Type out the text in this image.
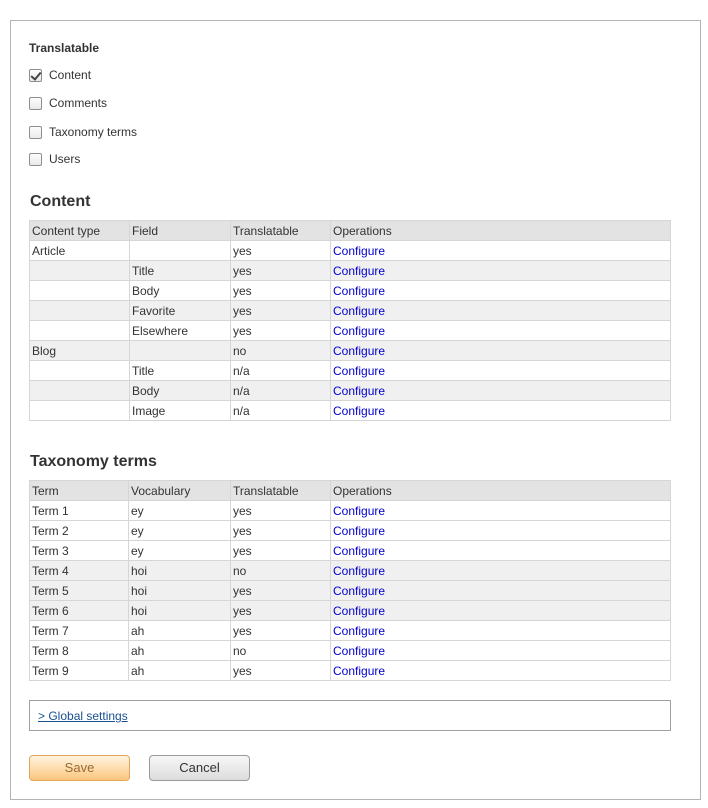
Translatable
Content
Comments
Taxonomy terms
Users
Content
Content type	Field	Translatable	Operations
Article		yes	Configure
	Title	yes	Configure
	Body	yes	Configure
	Favorite	yes	Configure
	Elsewhere	yes	Configure
Blog		no	Configure
	Title	n/a	Configure
	Body	n/a	Configure
	Image	n/a	Configure
Taxonomy terms
Term	Vocabulary	Translatable	Operations
Term 1	ey	yes	Configure
Term 2	ey	yes	Configure
Term 3	ey	yes	Configure
Term 4	hoi	no	Configure
Term 5	hoi	yes	Configure
Term 6	hoi	yes	Configure
Term 7	ah	yes	Configure
Term 8	ah	no	Configure
Term 9	ah	yes	Configure
> Global settings
Save	Cancel
